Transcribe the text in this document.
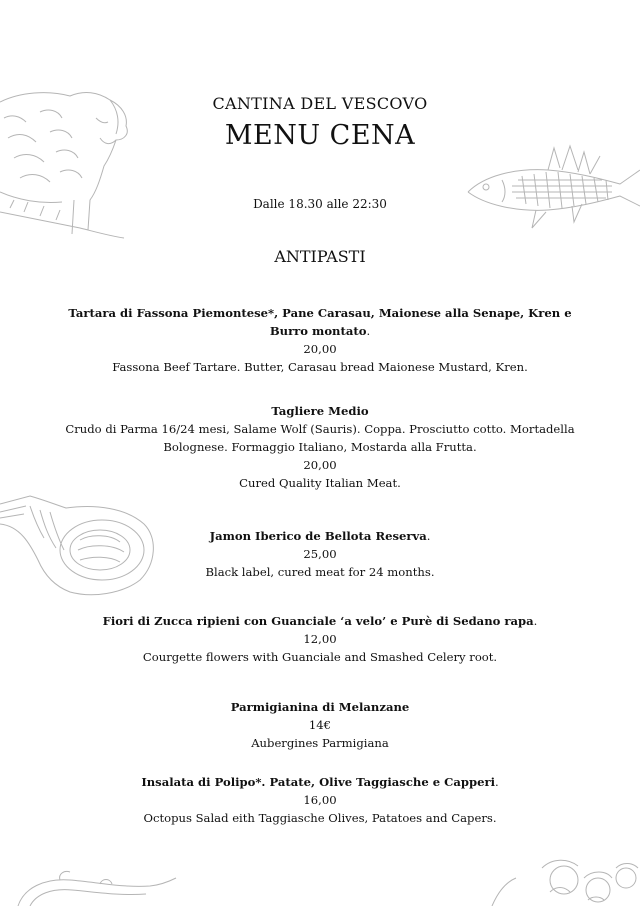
CANTINA DEL VESCOVO
MENU CENA
Dalle 18.30 alle 22:30
ANTIPASTI
Tartara di Fassona Piemontese*, Pane Carasau, Maionese alla Senape, Kren e Burro montato.
20,00
Fassona Beef Tartare. Butter, Carasau bread Maionese Mustard, Kren.
Tagliere Medio
Crudo di Parma 16/24 mesi, Salame Wolf (Sauris). Coppa. Prosciutto cotto. Mortadella Bolognese. Formaggio Italiano, Mostarda alla Frutta.
20,00
Cured Quality Italian Meat.
Jamon Iberico de Bellota Reserva.
25,00
Black label, cured meat for 24 months.
Fiori di Zucca ripieni con Guanciale ‘a velo’ e Purè di Sedano rapa.
12,00
Courgette flowers with Guanciale and Smashed Celery root.
Parmigianina di Melanzane
14€
Aubergines Parmigiana
Insalata di Polipo*. Patate, Olive Taggiasche e Capperi.
16,00
Octopus Salad eith Taggiasche Olives, Patatoes and Capers.
